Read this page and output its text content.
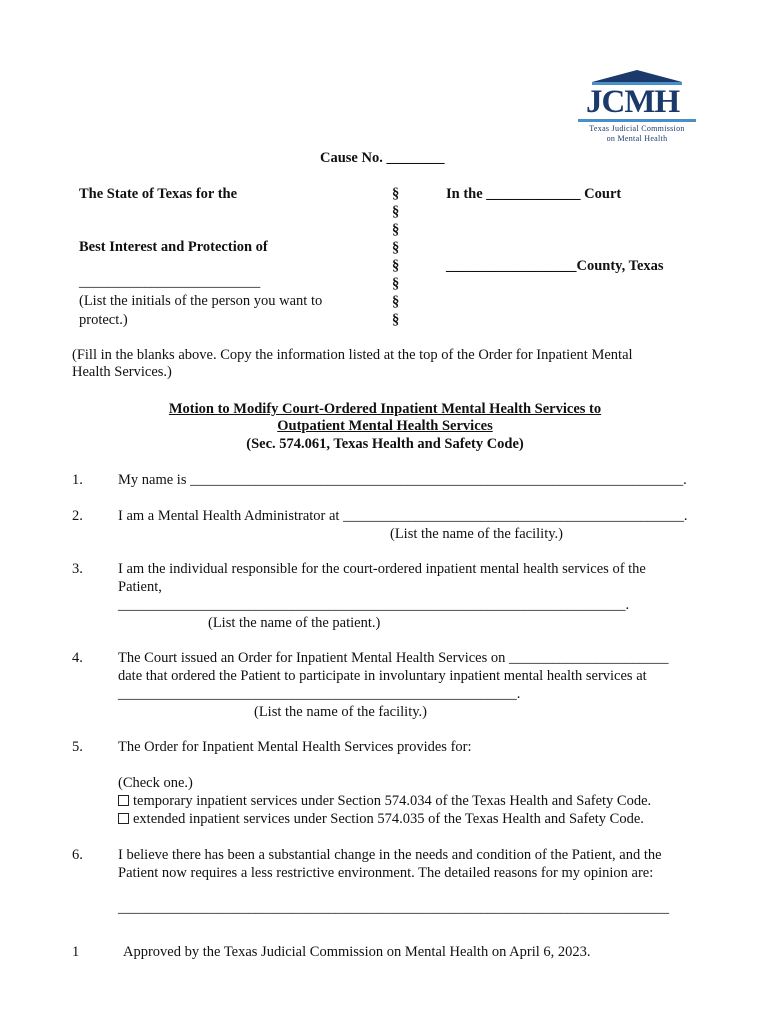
JCMH
Texas Judicial Commission
on Mental Health
Cause No. ________
The State of Texas for the
Best Interest and Protection of
_________________________
(List the initials of the person you want to
protect.)
§
§
§
§
§
§
§
§
In the _____________ Court
__________________County, Texas
(Fill in the blanks above. Copy the information listed at the top of the Order for Inpatient Mental
Health Services.)
Motion to Modify Court-Ordered Inpatient Mental Health Services to
Outpatient Mental Health Services
(Sec. 574.061, Texas Health and Safety Code)
1. My name is ____________________________________________________________________.
2. I am a Mental Health Administrator at _______________________________________________.
(List the name of the facility.)
3. I am the individual responsible for the court-ordered inpatient mental health services of the
Patient,
______________________________________________________________________.
(List the name of the patient.)
4. The Court issued an Order for Inpatient Mental Health Services on ______________________
date that ordered the Patient to participate in involuntary inpatient mental health services at
_______________________________________________________.
(List the name of the facility.)
5. The Order for Inpatient Mental Health Services provides for:
(Check one.)
temporary inpatient services under Section 574.034 of the Texas Health and Safety Code.
extended inpatient services under Section 574.035 of the Texas Health and Safety Code.
6. I believe there has been a substantial change in the needs and condition of the Patient, and the
Patient now requires a less restrictive environment. The detailed reasons for my opinion are:
____________________________________________________________________________
1	Approved by the Texas Judicial Commission on Mental Health on April 6, 2023.
